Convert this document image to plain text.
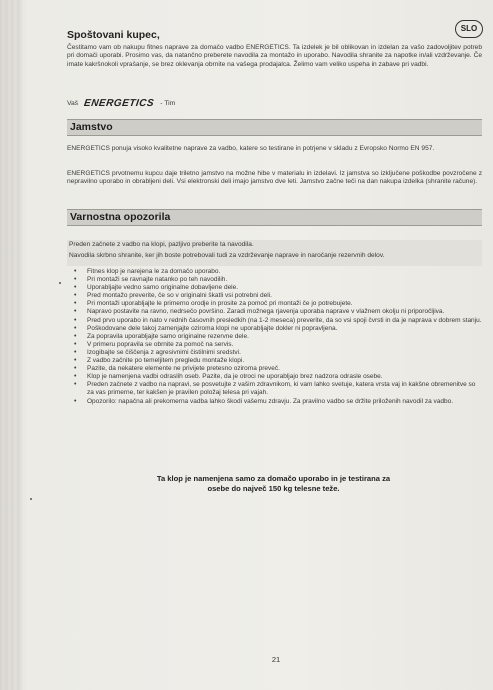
Spoštovani kupec,
SLO

Čestitamo vam ob nakupu fitnes naprave za domačo vadbo ENERGETICS. Ta izdelek je bil oblikovan in izdelan za vašo zadovoljitev potreb pri domači uporabi. Prosimo vas, da natančno preberete navodila za montažo in uporabo. Navodila shranite za napotke in/ali vzdrževanje. Če imate kakršnokoli vprašanje, se brez oklevanja obrnite na vašega prodajalca. Želimo vam veliko uspeha in zabave pri vadbi.

Vaš ENERGETICS - Tim
Jamstvo

ENERGETICS ponuja visoko kvalitetne naprave za vadbo, katere so testirane in potrjene v skladu z Evropsko Normo EN 957.

ENERGETICS prvotnemu kupcu daje triletno jamstvo na možne hibe v materialu in izdelavi. Iz jamstva so izključene poškodbe povzročene z nepravilno uporabo in obrabljeni deli. Vsi elektronski deli imajo jamstvo dve leti. Jamstvo začne teči na dan nakupa izdelka (shranite račune).

Varnostna opozorila

Preden začnete z vadbo na klopi, pazljivo preberite ta navodila.

Navodila skrbno shranite, ker jih boste potrebovali tudi za vzdrževanje naprave in naročanje rezervnih delov.

• Fitnes klop je narejena le za domačo uporabo.
• Pri montaži se ravnajte natanko po teh navodilih.
• Uporabljajte vedno samo originalne dobavljene dele.
• Pred montažo preverite, če so v originalni škatli vsi potrebni deli.
• Pri montaži uporabljajte le primerno orodje in prosite za pomoč pri montaži če jo potrebujete.
• Napravo postavite na ravno, nedrsečo površino. Zaradi možnega rjavenja uporaba naprave v vlažnem okolju ni priporočljiva.
• Pred prvo uporabo in nato v rednih časovnih presledkih (na 1-2 meseca) preverite, da so vsi spoji čvrsti in da je naprava v dobrem stanju.
• Poškodovane dele takoj zamenjajte oziroma klopi ne uporabljajte dokler ni popravljena.
• Za popravila uporabljajte samo originalne rezervne dele.
• V primeru popravila se obrnite za pomoč na servis.
• Izogibajte se čiščenja z agresivnimi čistilnimi sredstvi.
• Z vadbo začnite po temeljitem pregledu montaže klopi.
• Pazite, da nekatere elemente ne privijete pretesno oziroma preveč.
• Klop je namenjena vadbi odraslih oseb. Pazite, da je otroci ne uporabljajo brez nadzora odrasle osebe.
• Preden začnete z vadbo na napravi, se posvetujte z vašim zdravnikom, ki vam lahko svetuje, katera vrsta vaj in kakšne obremenitve so za vas primerne, ter kakšen je pravilen položaj telesa pri vajah.
• Opozorilo: napačna ali prekomerna vadba lahko škodi vašemu zdravju. Za pravilno vadbo se držite priloženih navodil za vadbo.
Ta klop je namenjena samo za domačo uporabo in je testirana za
osebe do največ 150 kg telesne teže.
21
